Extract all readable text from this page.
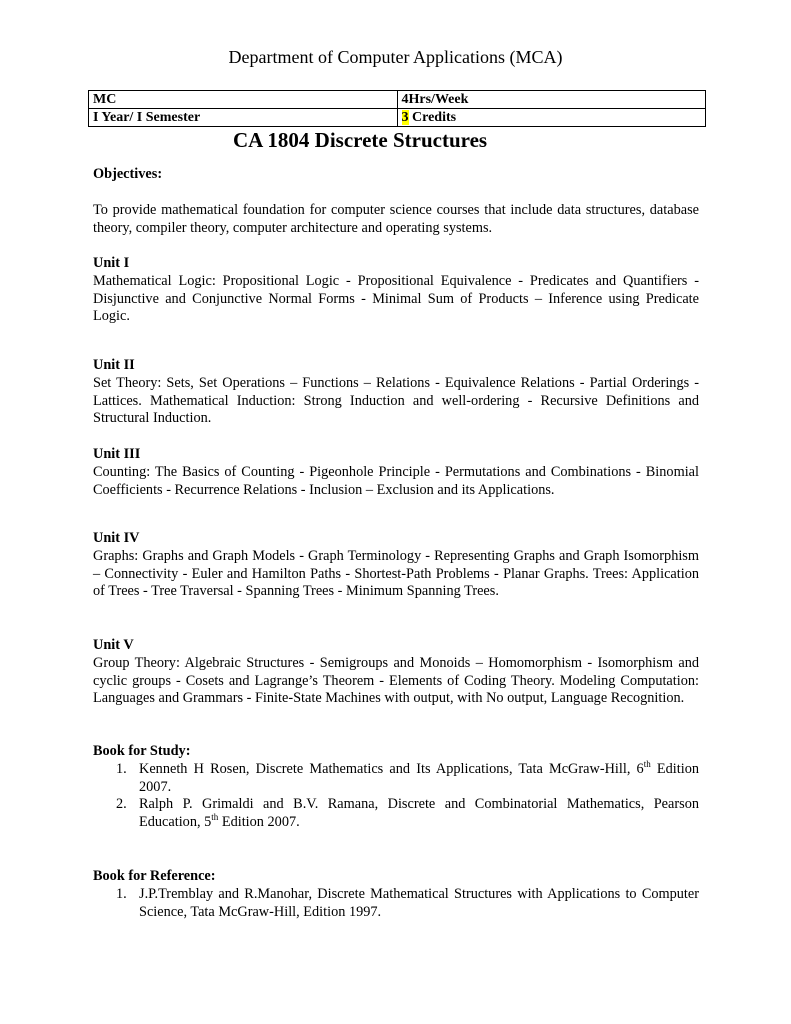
Department of Computer Applications (MCA)
MC	4Hrs/Week
I Year/ I Semester	3 Credits
CA 1804 Discrete Structures
Objectives:
To provide mathematical foundation for computer science courses that include data structures, database theory, compiler theory, computer architecture and operating systems.
Unit I

Mathematical Logic: Propositional Logic - Propositional Equivalence - Predicates and Quantifiers - Disjunctive and Conjunctive Normal Forms - Minimal Sum of Products – Inference using Predicate Logic.

Unit II

Set Theory: Sets, Set Operations – Functions – Relations - Equivalence Relations - Partial Orderings - Lattices. Mathematical Induction: Strong Induction and well-ordering - Recursive Definitions and Structural Induction.

Unit III

Counting: The Basics of Counting - Pigeonhole Principle - Permutations and Combinations - Binomial Coefficients - Recurrence Relations - Inclusion – Exclusion and its Applications.

Unit IV

Graphs: Graphs and Graph Models - Graph Terminology - Representing Graphs and Graph Isomorphism – Connectivity - Euler and Hamilton Paths - Shortest-Path Problems - Planar Graphs. Trees: Application of Trees - Tree Traversal - Spanning Trees - Minimum Spanning Trees.

Unit V

Group Theory: Algebraic Structures - Semigroups and Monoids – Homomorphism - Isomorphism and cyclic groups - Cosets and Lagrange’s Theorem - Elements of Coding Theory. Modeling Computation: Languages and Grammars - Finite-State Machines with output, with No output, Language Recognition.

Book for Study:
1. Kenneth H Rosen, Discrete Mathematics and Its Applications, Tata McGraw-Hill, 6th Edition 2007.
2. Ralph P. Grimaldi and B.V. Ramana, Discrete and Combinatorial Mathematics, Pearson Education, 5th Edition 2007.
Book for Reference:
1. J.P.Tremblay and R.Manohar, Discrete Mathematical Structures with Applications to Computer Science, Tata McGraw-Hill, Edition 1997.
